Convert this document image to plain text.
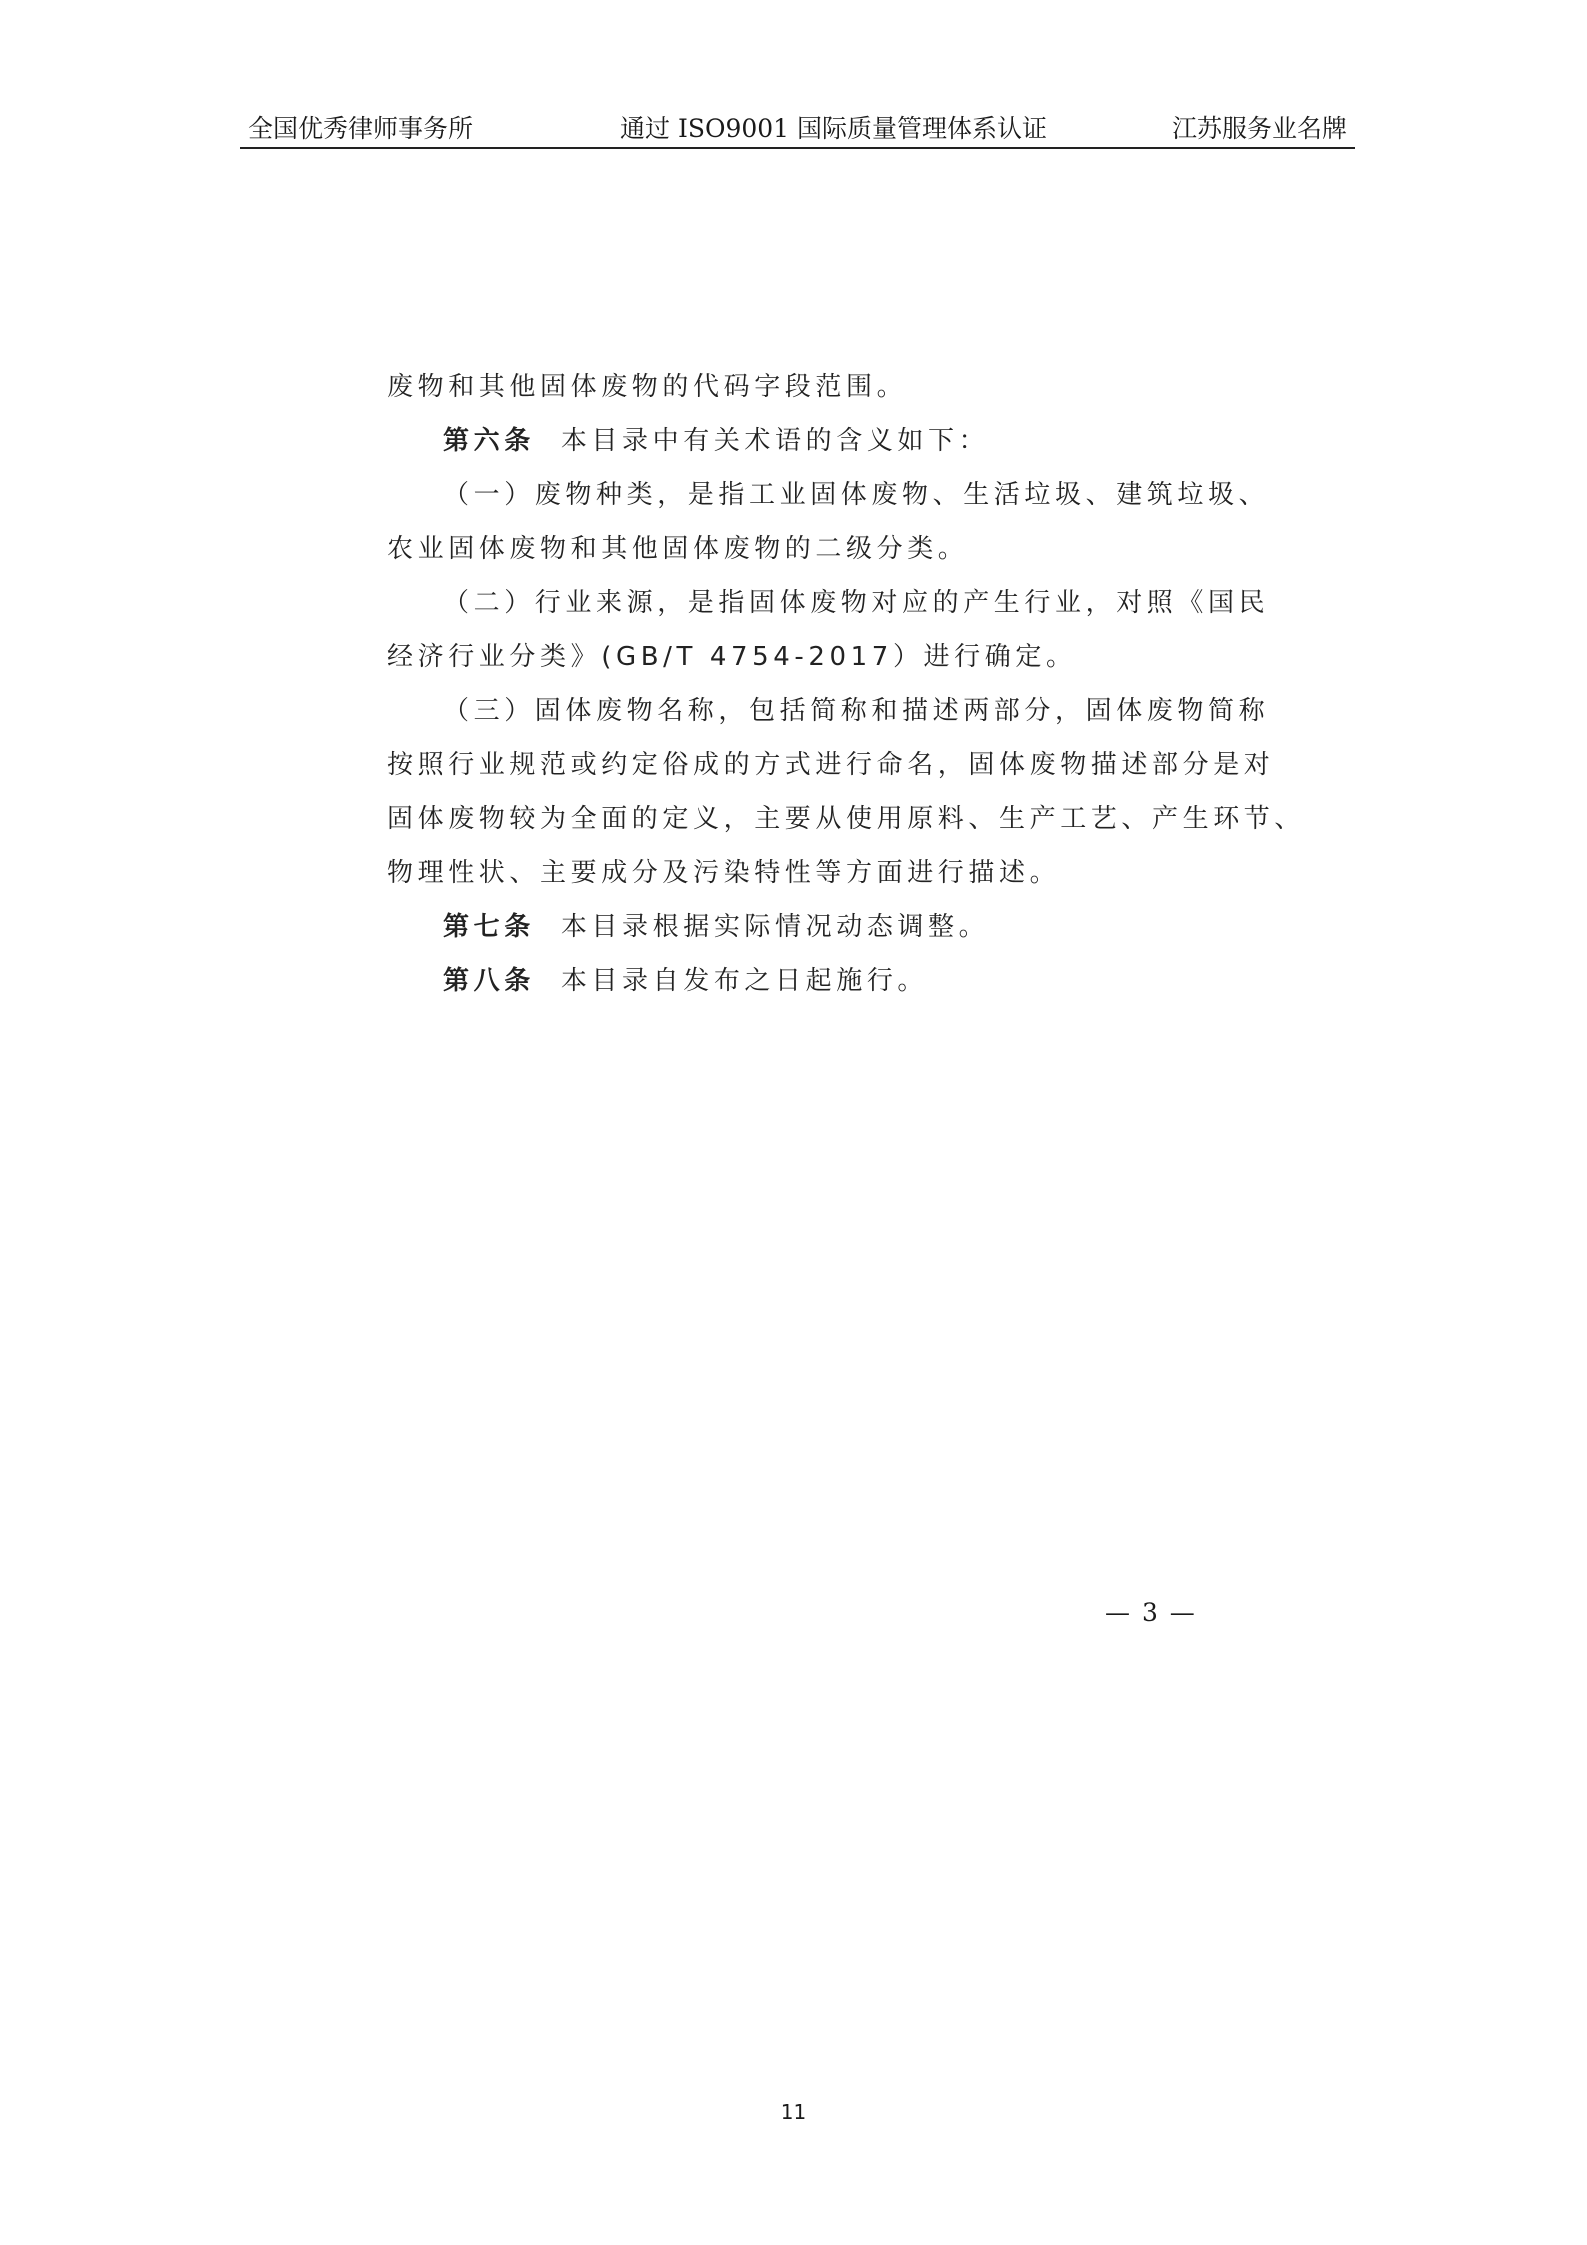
全国优秀律师事务所	通过 ISO9001 国际质量管理体系认证	江苏服务业名牌
废物和其他固体废物的代码字段范围。
第六条 本目录中有关术语的含义如下：
（一）废物种类，是指工业固体废物、生活垃圾、建筑垃圾、
农业固体废物和其他固体废物的二级分类。
（二）行业来源，是指固体废物对应的产生行业，对照《国民
经济行业分类》(GB/T 4754-2017）进行确定。
（三）固体废物名称，包括简称和描述两部分，固体废物简称
按照行业规范或约定俗成的方式进行命名，固体废物描述部分是对
固体废物较为全面的定义，主要从使用原料、生产工艺、产生环节、
物理性状、主要成分及污染特性等方面进行描述。
第七条 本目录根据实际情况动态调整。
第八条 本目录自发布之日起施行。
— 3 —
11
